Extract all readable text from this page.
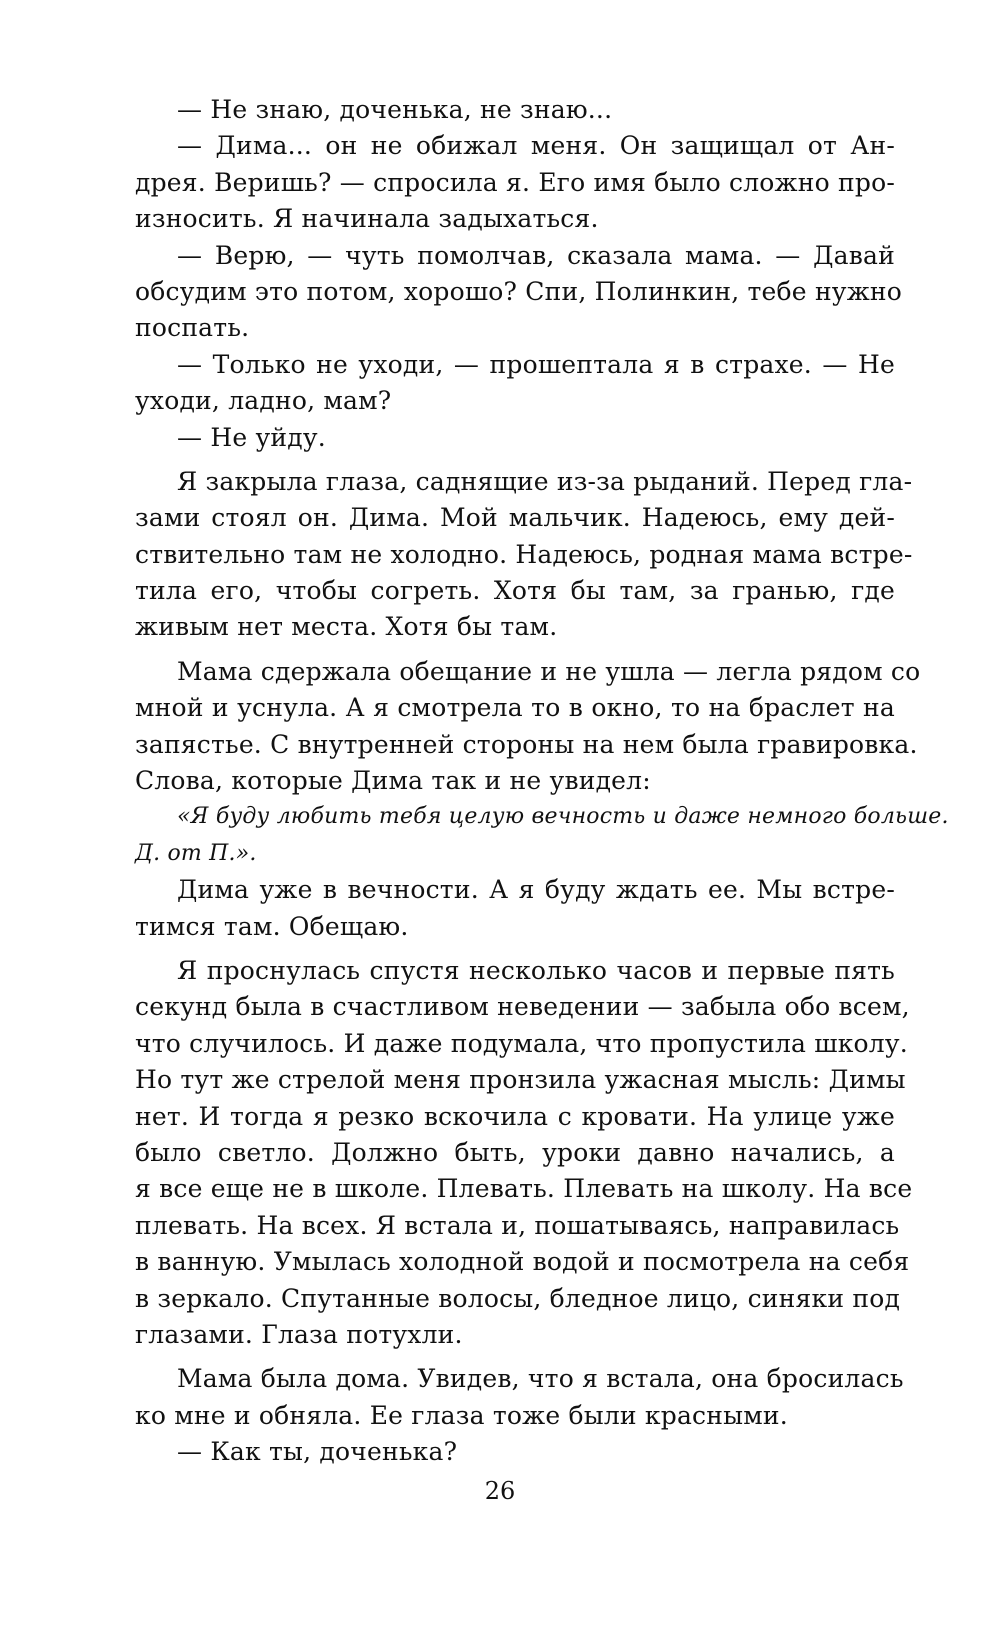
— Не знаю, доченька, не знаю...
— Дима... он не обижал меня. Он защищал от Ан-
дрея. Веришь? — спросила я. Его имя было сложно про-
износить. Я начинала задыхаться.
— Верю, — чуть помолчав, сказала мама. — Давай
обсудим это потом, хорошо? Спи, Полинкин, тебе нужно
поспать.
— Только не уходи, — прошептала я в страхе. — Не
уходи, ладно, мам?
— Не уйду.
Я закрыла глаза, саднящие из-за рыданий. Перед гла-
зами стоял он. Дима. Мой мальчик. Надеюсь, ему дей-
ствительно там не холодно. Надеюсь, родная мама встре-
тила его, чтобы согреть. Хотя бы там, за гранью, где
живым нет места. Хотя бы там.
Мама сдержала обещание и не ушла — легла рядом со
мной и уснула. А я смотрела то в окно, то на браслет на
запястье. С внутренней стороны на нем была гравировка.
Слова, которые Дима так и не увидел:
«Я буду любить тебя целую вечность и даже немного больше.
Д. от П.».
Дима уже в вечности. А я буду ждать ее. Мы встре-
тимся там. Обещаю.
Я проснулась спустя несколько часов и первые пять
секунд была в счастливом неведении — забыла обо всем,
что случилось. И даже подумала, что пропустила школу.
Но тут же стрелой меня пронзила ужасная мысль: Димы
нет. И тогда я резко вскочила с кровати. На улице уже
было светло. Должно быть, уроки давно начались, а
я все еще не в школе. Плевать. Плевать на школу. На все
плевать. На всех. Я встала и, пошатываясь, направилась
в ванную. Умылась холодной водой и посмотрела на себя
в зеркало. Спутанные волосы, бледное лицо, синяки под
глазами. Глаза потухли.
Мама была дома. Увидев, что я встала, она бросилась
ко мне и обняла. Ее глаза тоже были красными.
— Как ты, доченька?
26
